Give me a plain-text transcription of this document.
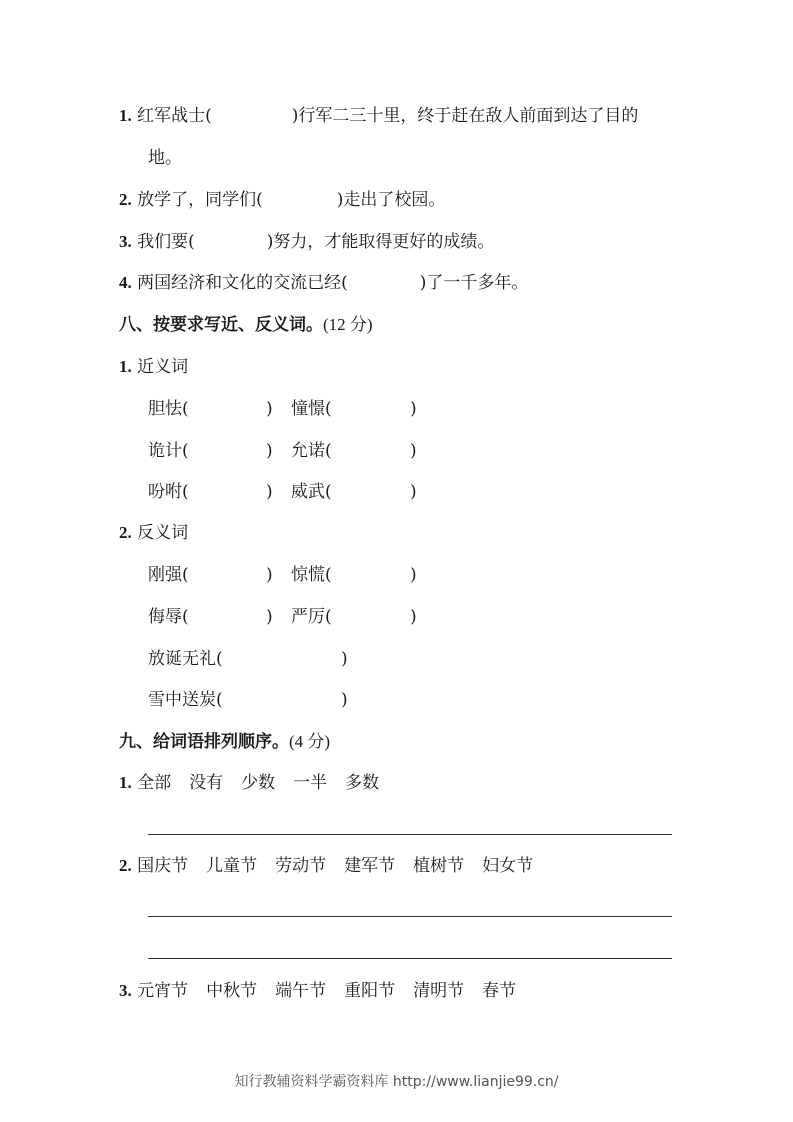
1. 红军战士(	)行军二三十里，终于赶在敌人前面到达了目的
地。
2. 放学了，同学们(	)走出了校园。
3. 我们要(	)努力，才能取得更好的成绩。
4. 两国经济和文化的交流已经(	)了一千多年。
八、按要求写近、反义词。(12 分)
1. 近义词
胆怯(	) 憧憬(	)
诡计(	) 允诺(	)
吩咐(	) 威武(	)
2. 反义词
刚强(	) 惊慌(	)
侮辱(	) 严厉(	)
放诞无礼(	)
雪中送炭(	)
九、给词语排列顺序。(4 分)
1. 全部 没有 少数 一半 多数
2. 国庆节 儿童节 劳动节 建军节 植树节 妇女节
3. 元宵节 中秋节 端午节 重阳节 清明节 春节
知行教辅资料学霸资料库 http://www.lianjie99.cn/
